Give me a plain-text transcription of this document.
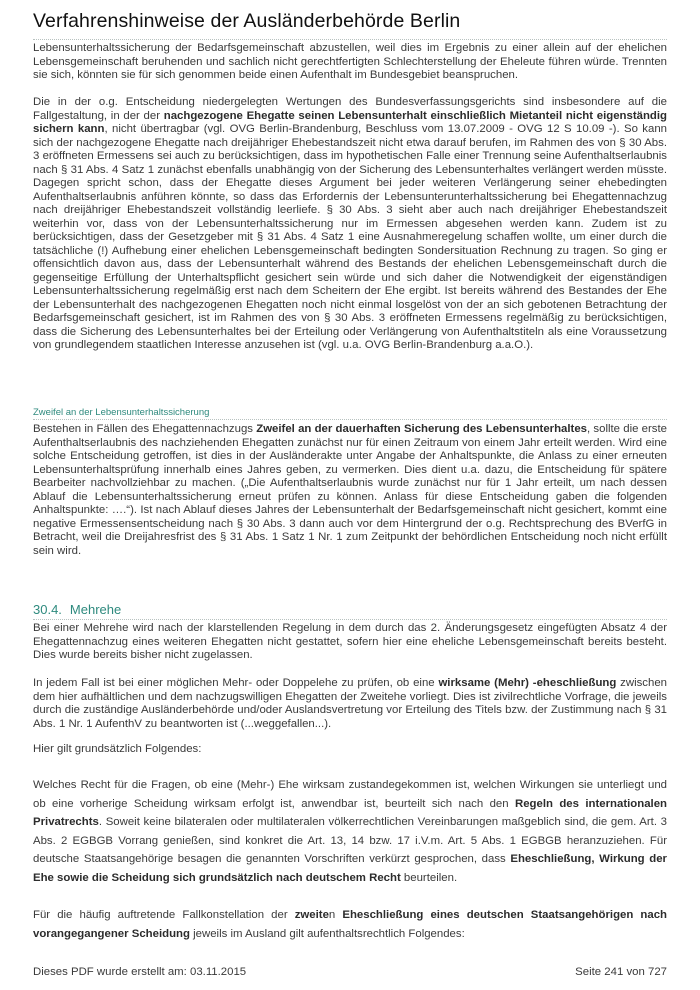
Verfahrenshinweise der Ausländerbehörde Berlin

Lebensunterhaltssicherung der Bedarfsgemeinschaft abzustellen, weil dies im Ergebnis zu einer allein auf der ehelichen Lebensgemeinschaft beruhenden und sachlich nicht gerechtfertigten Schlechterstellung der Eheleute führen würde. Trennten sie sich, könnten sie für sich genommen beide einen Aufenthalt im Bundesgebiet beanspruchen.

Die in der o.g. Entscheidung niedergelegten Wertungen des Bundesverfassungsgerichts sind insbesondere auf die Fallgestaltung, in der der nachgezogene Ehegatte seinen Lebensunterhalt einschließlich Mietanteil nicht eigenständig sichern kann, nicht übertragbar (vgl. OVG Berlin-Brandenburg, Beschluss vom 13.07.2009 - OVG 12 S 10.09 -). So kann sich der nachgezogene Ehegatte nach dreijähriger Ehebestandszeit nicht etwa darauf berufen, im Rahmen des von § 30 Abs. 3 eröffneten Ermessens sei auch zu berücksichtigen, dass im hypothetischen Falle einer Trennung seine Aufenthaltserlaubnis nach § 31 Abs. 4 Satz 1 zunächst ebenfalls unabhängig von der Sicherung des Lebensunterhaltes verlängert werden müsste. Dagegen spricht schon, dass der Ehegatte dieses Argument bei jeder weiteren Verlängerung seiner ehebedingten Aufenthaltserlaubnis anführen könnte, so dass das Erfordernis der Lebensunterunterhaltssicherung bei Ehegattennachzug nach dreijähriger Ehebestandszeit vollständig leerliefe. § 30 Abs. 3 sieht aber auch nach dreijähriger Ehebestandszeit weiterhin vor, dass von der Lebensunterhaltssicherung nur im Ermessen abgesehen werden kann. Zudem ist zu berücksichtigen, dass der Gesetzgeber mit § 31 Abs. 4 Satz 1 eine Ausnahmeregelung schaffen wollte, um einer durch die tatsächliche (!) Aufhebung einer ehelichen Lebensgemeinschaft bedingten Sondersituation Rechnung zu tragen. So ging er offensichtlich davon aus, dass der Lebensunterhalt während des Bestands der ehelichen Lebensgemeinschaft durch die gegenseitige Erfüllung der Unterhaltspflicht gesichert sein würde und sich daher die Notwendigkeit der eigenständigen Lebensunterhaltssicherung regelmäßig erst nach dem Scheitern der Ehe ergibt. Ist bereits während des Bestandes der Ehe der Lebensunterhalt des nachgezogenen Ehegatten noch nicht einmal losgelöst von der an sich gebotenen Betrachtung der Bedarfsgemeinschaft gesichert, ist im Rahmen des von § 30 Abs. 3 eröffneten Ermessens regelmäßig zu berücksichtigen, dass die Sicherung des Lebensunterhaltes bei der Erteilung oder Verlängerung von Aufenthaltstiteln als eine Voraussetzung von grundlegendem staatlichen Interesse anzusehen ist (vgl. u.a. OVG Berlin-Brandenburg a.a.O.).

Zweifel an der Lebensunterhaltssicherung

Bestehen in Fällen des Ehegattennachzugs Zweifel an der dauerhaften Sicherung des Lebensunterhaltes, sollte die erste Aufenthaltserlaubnis des nachziehenden Ehegatten zunächst nur für einen Zeitraum von einem Jahr erteilt werden. Wird eine solche Entscheidung getroffen, ist dies in der Ausländerakte unter Angabe der Anhaltspunkte, die Anlass zu einer erneuten Lebensunterhaltsprüfung innerhalb eines Jahres geben, zu vermerken. Dies dient u.a. dazu, die Entscheidung für spätere Bearbeiter nachvollziehbar zu machen. („Die Aufenthaltserlaubnis wurde zunächst nur für 1 Jahr erteilt, um nach dessen Ablauf die Lebensunterhaltssicherung erneut prüfen zu können. Anlass für diese Entscheidung gaben die folgenden Anhaltspunkte: ….“). Ist nach Ablauf dieses Jahres der Lebensunterhalt der Bedarfsgemeinschaft nicht gesichert, kommt eine negative Ermessensentscheidung nach § 30 Abs. 3 dann auch vor dem Hintergrund der o.g. Rechtsprechung des BVerfG in Betracht, weil die Dreijahresfrist des § 31 Abs. 1 Satz 1 Nr. 1 zum Zeitpunkt der behördlichen Entscheidung noch nicht erfüllt sein wird.

30.4. Mehrehe

Bei einer Mehrehe wird nach der klarstellenden Regelung in dem durch das 2. Änderungsgesetz eingefügten Absatz 4 der Ehegattennachzug eines weiteren Ehegatten nicht gestattet, sofern hier eine eheliche Lebensgemeinschaft bereits besteht. Dies wurde bereits bisher nicht zugelassen.

In jedem Fall ist bei einer möglichen Mehr- oder Doppelehe zu prüfen, ob eine wirksame (Mehr) -eheschließung zwischen dem hier aufhältlichen und dem nachzugswilligen Ehegatten der Zweitehe vorliegt. Dies ist zivilrechtliche Vorfrage, die jeweils durch die zuständige Ausländerbehörde und/oder Auslandsvertretung vor Erteilung des Titels bzw. der Zustimmung nach § 31 Abs. 1 Nr. 1 AufenthV zu beantworten ist (...weggefallen...).

Hier gilt grundsätzlich Folgendes:

Welches Recht für die Fragen, ob eine (Mehr-) Ehe wirksam zustandegekommen ist, welchen Wirkungen sie unterliegt und ob eine vorherige Scheidung wirksam erfolgt ist, anwendbar ist, beurteilt sich nach den Regeln des internationalen Privatrechts. Soweit keine bilateralen oder multilateralen völkerrechtlichen Vereinbarungen maßgeblich sind, die gem. Art. 3 Abs. 2 EGBGB Vorrang genießen, sind konkret die Art. 13, 14 bzw. 17 i.V.m. Art. 5 Abs. 1 EGBGB heranzuziehen. Für deutsche Staatsangehörige besagen die genannten Vorschriften verkürzt gesprochen, dass Eheschließung, Wirkung der Ehe sowie die Scheidung sich grundsätzlich nach deutschem Recht beurteilen.

Für die häufig auftretende Fallkonstellation der zweiten Eheschließung eines deutschen Staatsangehörigen nach vorangegangener Scheidung jeweils im Ausland gilt aufenthaltsrechtlich Folgendes:

Dieses PDF wurde erstellt am: 03.11.2015	Seite 241 von 727
